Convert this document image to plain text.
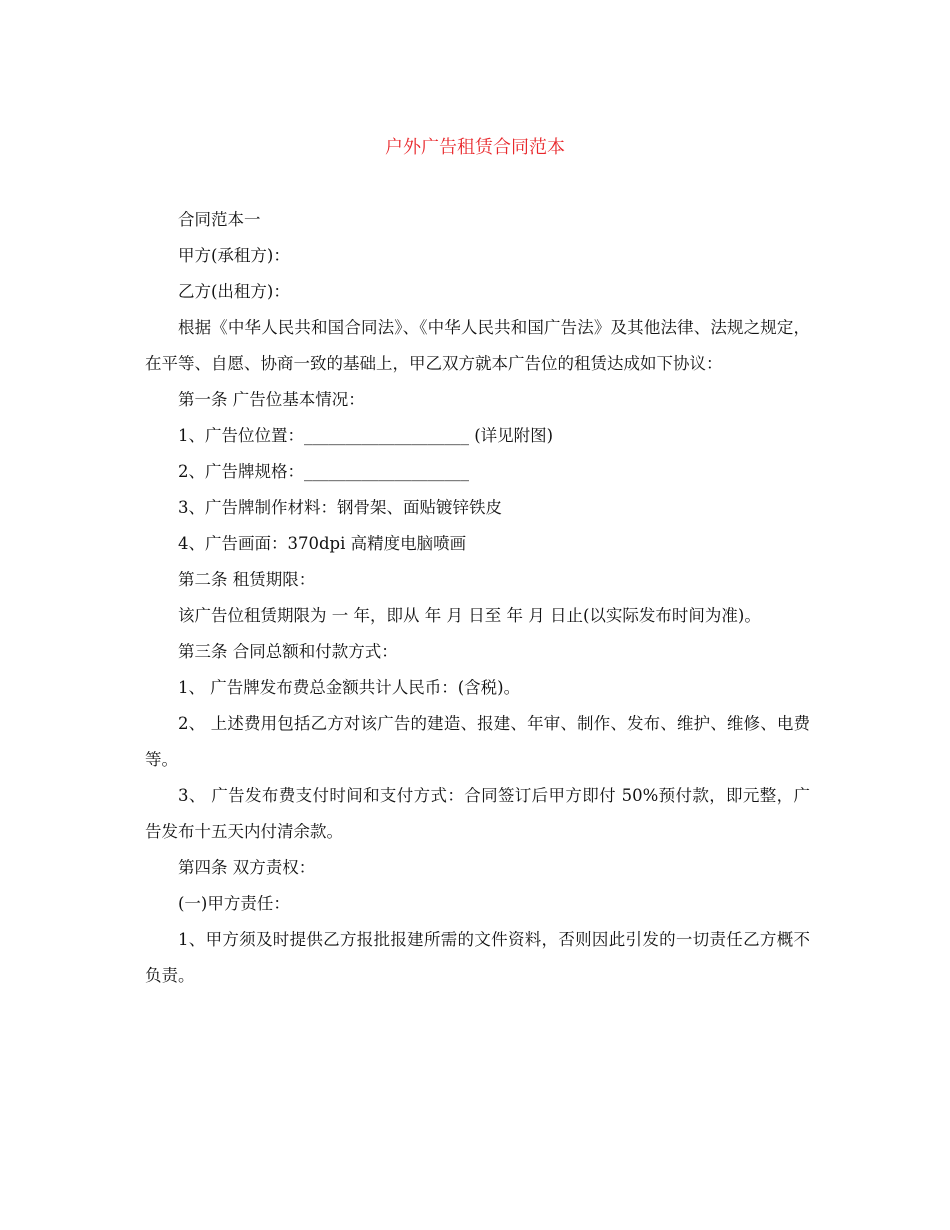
户外广告租赁合同范本

合同范本一

甲方(承租方)：

乙方(出租方)：

根据《中华人民共和国合同法》、《中华人民共和国广告法》及其他法律、法规之规定，在平等、自愿、协商一致的基础上，甲乙双方就本广告位的租赁达成如下协议：

第一条 广告位基本情况：

1、广告位位置：____________________ (详见附图)

2、广告牌规格：____________________

3、广告牌制作材料：钢骨架、面贴镀锌铁皮

4、广告画面：370dpi 高精度电脑喷画

第二条 租赁期限：

该广告位租赁期限为 一 年，即从 年 月 日至 年 月 日止(以实际发布时间为准)。

第三条 合同总额和付款方式：

1、 广告牌发布费总金额共计人民币：(含税)。

2、 上述费用包括乙方对该广告的建造、报建、年审、制作、发布、维护、维修、电费等。

3、 广告发布费支付时间和支付方式：合同签订后甲方即付 50%预付款，即元整，广告发布十五天内付清余款。

第四条 双方责权：

(一)甲方责任：

1、甲方须及时提供乙方报批报建所需的文件资料，否则因此引发的一切责任乙方概不负责。
